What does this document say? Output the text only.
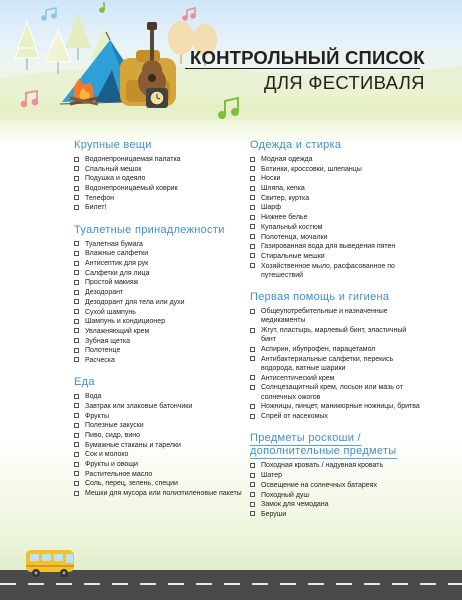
КОНТРОЛЬНЫЙ СПИСОК
ДЛЯ ФЕСТИВАЛЯ
Крупные вещи
Водонепроницаемая палатка
Спальный мешок
Подушка и одеяло
Водонепроницаемый коврик
Телефон
Билет!
Туалетные принадлежности
Туалетная бумага
Влажные салфетки
Антисептик для рук
Салфетки для лица
Простой макияж
Дезодорант
Дезодорант для тела или духи
Сухой шампунь
Шампунь и кондиционер
Увлажняющий крем
Зубная щетка
Полотенце
Расческа
Еда
Вода
Завтрак или злаковые батончики
Фрукты
Полезные закуски
Пиво, сидр, вино
Бумажные стаканы и тарелки
Сок и молоко
Фрукты и овощи
Растительное масло
Соль, перец, зелень, специи
Мешки для мусора или полиэтиленовые пакеты
Одежда и стирка
Модная одежда
Ботинки, кроссовки, шлепанцы
Носки
Шляпа, кепка
Свитер, куртка
Шарф
Нижнее белье
Купальный костюм
Полотенца, мочалки
Газированная вода для выведения пятен
Стиральные мешки
Хозяйственное мыло, расфасованное по путешествий
Первая помощь и гигиена
Общеупотребительные и назначенные медикаменты
Жгут, пластырь, марлевый бинт, эластичный бинт
Аспирин, ибупрофен, парацетамол
Антибактериальные салфетки, перекись водорода, ватные шарики
Антисептический крем
Солнцезащитный крем, лосьон или мазь от солнечных ожогов
Ножницы, пинцет, маникюрные ножницы, бритва
Спрей от насекомых
Предметы роскоши / дополнительные предметы
Походная кровать / надувная кровать
Шатер
Освещение на солнечных батареях
Походный душ
Замок для чемодана
Беруши
